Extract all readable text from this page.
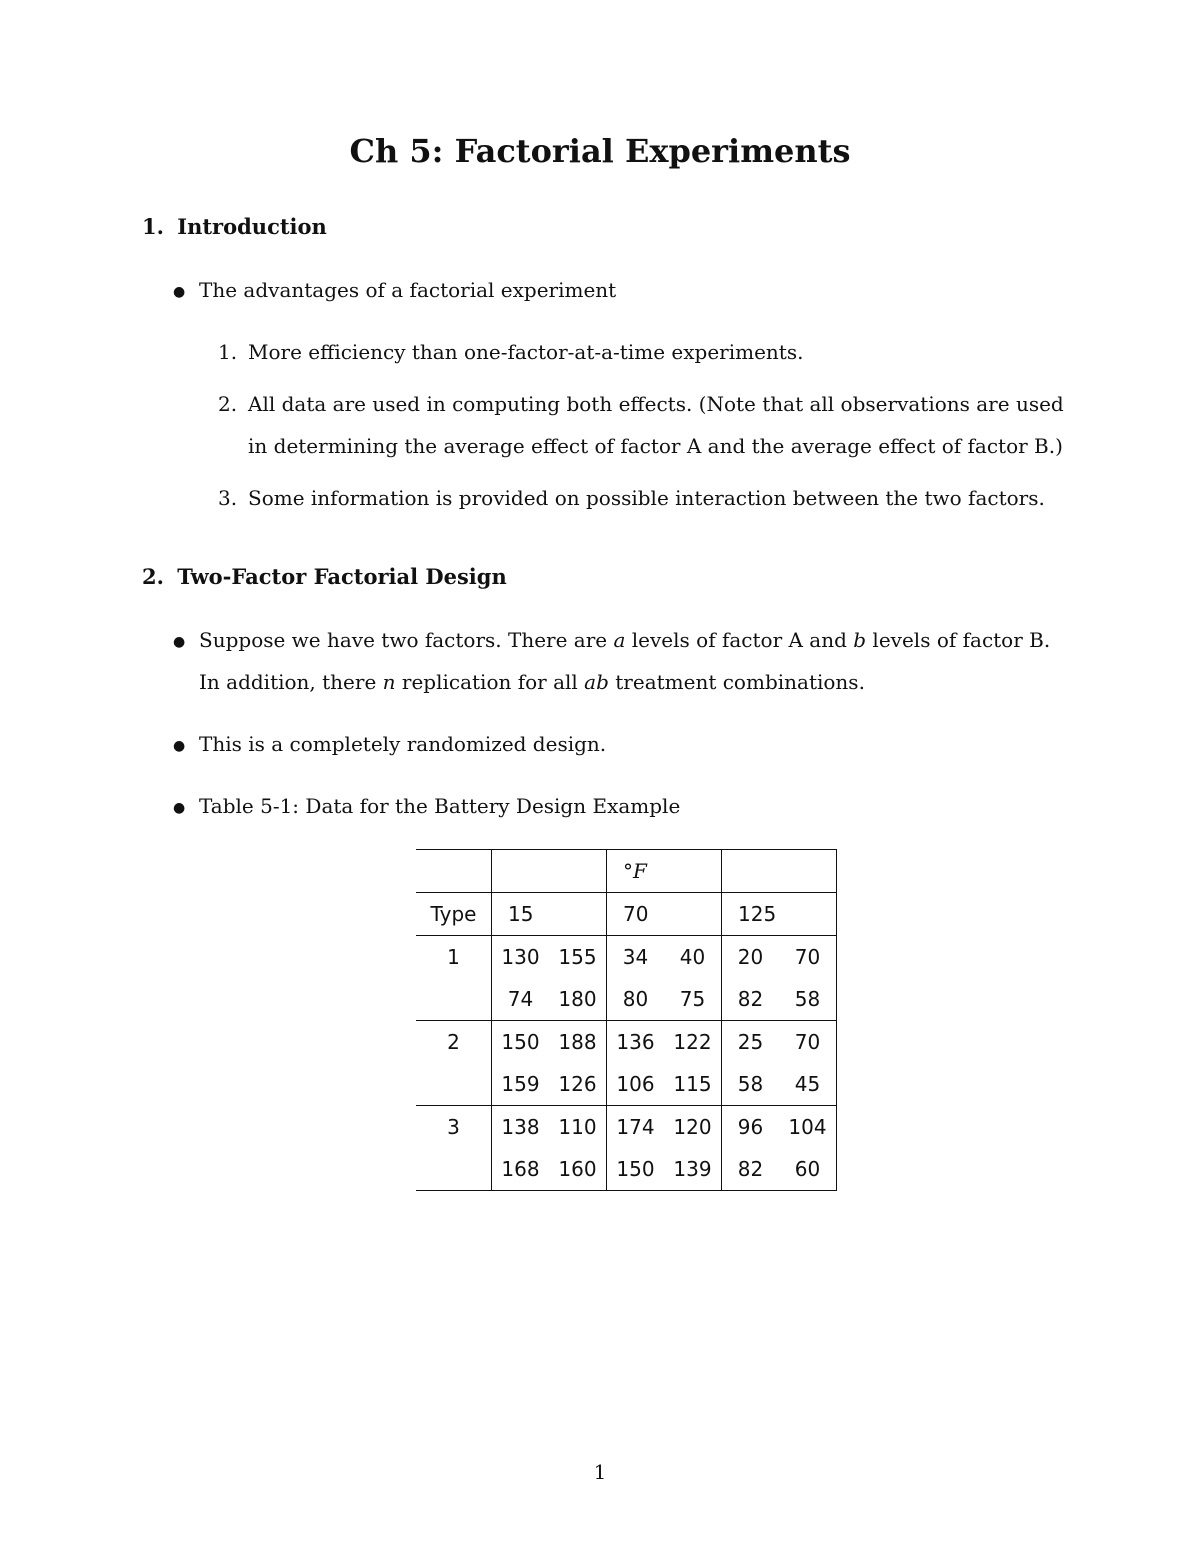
Ch 5: Factorial Experiments
1. Introduction
● The advantages of a factorial experiment
1. More efficiency than one-factor-at-a-time experiments.
2. All data are used in computing both effects. (Note that all observations are used
in determining the average effect of factor A and the average effect of factor B.)
3. Some information is provided on possible interaction between the two factors.
2. Two-Factor Factorial Design
● Suppose we have two factors. There are a levels of factor A and b levels of factor B.
In addition, there n replication for all ab treatment combinations.
● This is a completely randomized design.
● Table 5-1: Data for the Battery Design Example
			°F			
Type	15		70		125	
1	130	155	34	40	20	70
	74	180	80	75	82	58
2	150	188	136	122	25	70
	159	126	106	115	58	45
3	138	110	174	120	96	104
	168	160	150	139	82	60
1
